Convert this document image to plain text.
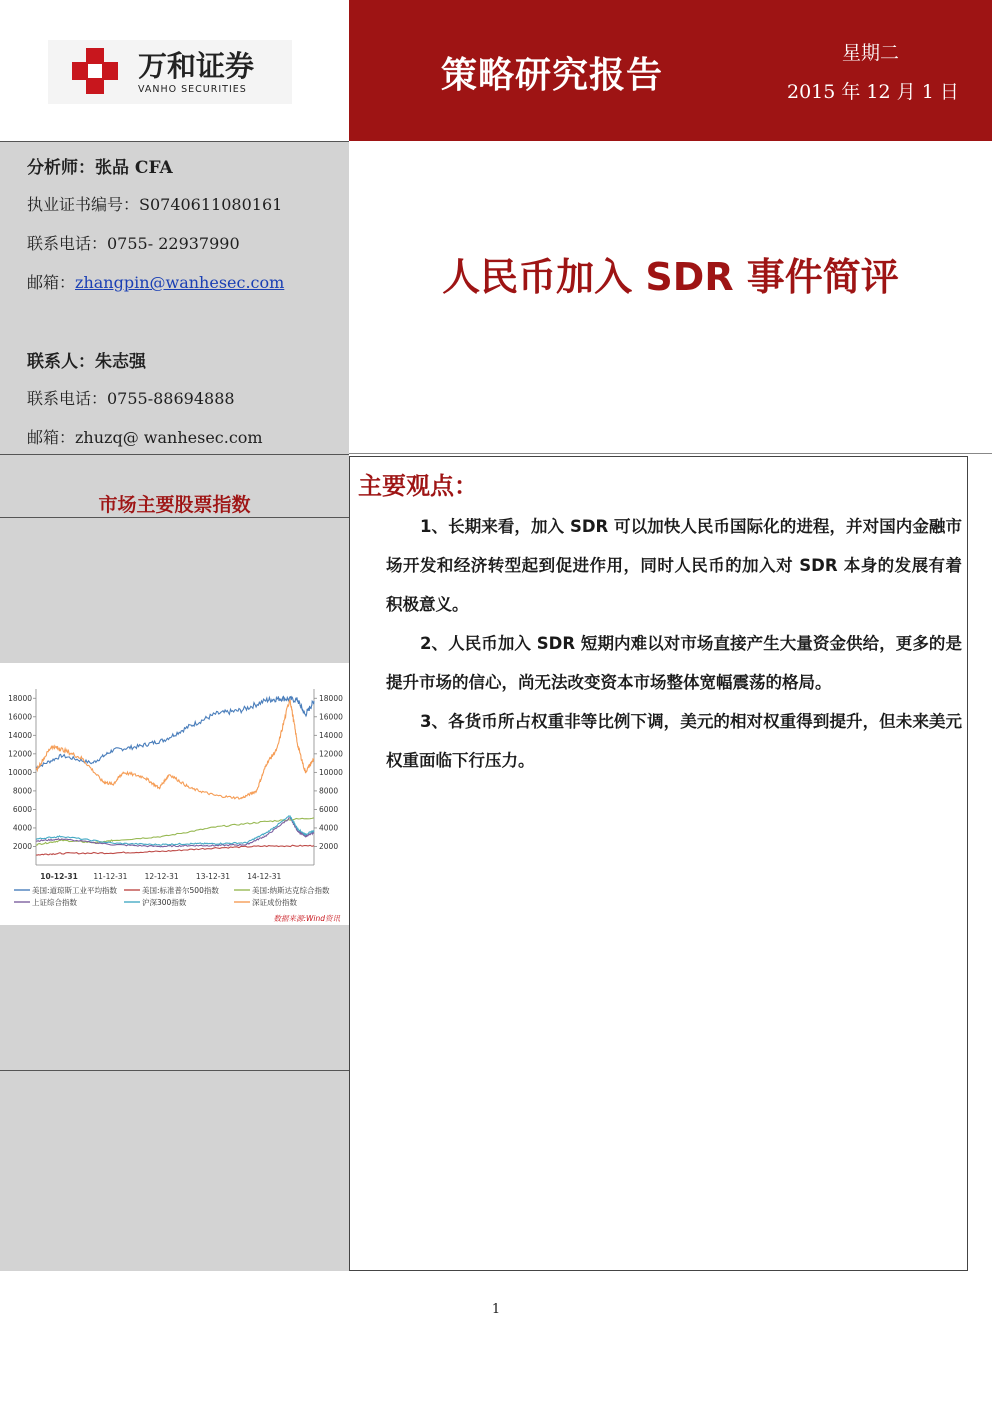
万和证券
VANHO SECURITIES	策略研究报告
星期二
2015 年 12 月 1 日
分析师：张品 CFA
执业证书编号：S0740611080161
联系电话：0755- 22937990
邮箱：zhangpin@wanhesec.com
联系人：朱志强
联系电话：0755-88694888
邮箱：zhuzq@ wanhesec.com
市场主要股票指数
2000	2000
4000	4000
6000	6000
8000	8000
10000	10000
12000	12000
14000	14000
16000	16000
18000	18000
10-12-31 11-12-31 12-12-31 13-12-31 14-12-31
美国:道琼斯工业平均指数	美国:标准普尔500指数	美国:纳斯达克综合指数
上证综合指数	沪深300指数	深证成份指数
数据来源:Wind资讯
人民币加入 SDR 事件简评
主要观点：

1、长期来看，加入 SDR 可以加快人民币国际化的进程，并对国内金融市场开发和经济转型起到促进作用，同时人民币的加入对 SDR 本身的发展有着积极意义。

2、人民币加入 SDR 短期内难以对市场直接产生大量资金供给，更多的是提升市场的信心，尚无法改变资本市场整体宽幅震荡的格局。

3、各货币所占权重非等比例下调，美元的相对权重得到提升，但未来美元权重面临下行压力。

1
